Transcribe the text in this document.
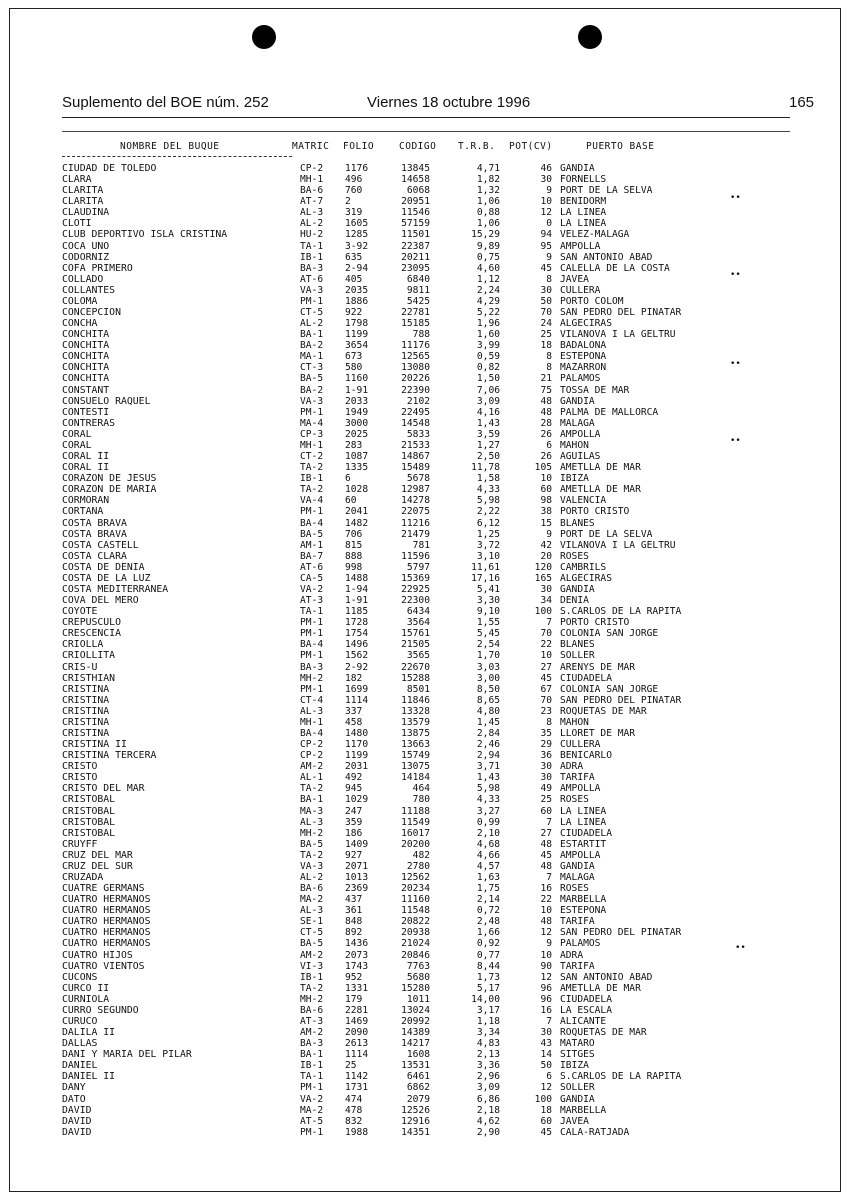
Suplemento del BOE núm. 252	Viernes 18 octubre 1996	165
NOMBRE DEL BUQUE	MATRIC FOLIO	CODIGO T.R.B. POT(CV)	PUERTO BASE
CIUDAD DE TOLEDO	CP-2 1176	13845	4,71	46 GANDIA
CLARA	MH-1 496	14658	1,82	30 FORNELLS
CLARITA	BA-6 760	6068	1,32	9 PORT DE LA SELVA
CLARITA	AT-7 2	20951	1,06	10 BENIDORM
CLAUDINA	AL-3 319	11546	0,88	12 LA LINEA
CLOTI	AL-2 1605	57159	1,06	0 LA LINEA
CLUB DEPORTIVO ISLA CRISTINA	HU-2 1285	11501	15,29	94 VELEZ-MALAGA
COCA UNO	TA-1 3-92	22387	9,89	95 AMPOLLA
CODORNIZ	IB-1 635	20211	0,75	9 SAN ANTONIO ABAD
COFA PRIMERO	BA-3 2-94	23095	4,60	45 CALELLA DE LA COSTA
COLLADO	AT-6 405	6840	1,12	8 JAVEA
COLLANTES	VA-3 2035	9811	2,24	30 CULLERA
COLOMA	PM-1 1886	5425	4,29	50 PORTO COLOM
CONCEPCION	CT-5 922	22781	5,22	70 SAN PEDRO DEL PINATAR
CONCHA	AL-2 1798	15185	1,96	24 ALGECIRAS
CONCHITA	BA-1 1199	788	1,60	25 VILANOVA I LA GELTRU
CONCHITA	BA-2 3654	11176	3,99	18 BADALONA
CONCHITA	MA-1 673	12565	0,59	8 ESTEPONA
CONCHITA	CT-3 580	13080	0,82	8 MAZARRON
CONCHITA	BA-5 1160	20226	1,50	21 PALAMOS
CONSTANT	BA-2 1-91	22390	7,06	75 TOSSA DE MAR
CONSUELO RAQUEL	VA-3 2033	2102	3,09	48 GANDIA
CONTESTI	PM-1 1949	22495	4,16	48 PALMA DE MALLORCA
CONTRERAS	MA-4 3000	14548	1,43	28 MALAGA
CORAL	CP-3 2025	5833	3,59	26 AMPOLLA
CORAL	MH-1 283	21533	1,27	6 MAHON
CORAL II	CT-2 1087	14867	2,50	26 AGUILAS
CORAL II	TA-2 1335	15489	11,78	105 AMETLLA DE MAR
CORAZON DE JESUS	IB-1 6	5678	1,58	10 IBIZA
CORAZON DE MARIA	TA-2 1028	12987	4,33	60 AMETLLA DE MAR
CORMORAN	VA-4 60	14278	5,98	98 VALENCIA
CORTANA	PM-1 2041	22075	2,22	38 PORTO CRISTO
COSTA BRAVA	BA-4 1482	11216	6,12	15 BLANES
COSTA BRAVA	BA-5 706	21479	1,25	9 PORT DE LA SELVA
COSTA CASTELL	AM-1 815	781	3,72	42 VILANOVA I LA GELTRU
COSTA CLARA	BA-7 888	11596	3,10	20 ROSES
COSTA DE DENIA	AT-6 998	5797	11,61	120 CAMBRILS
COSTA DE LA LUZ	CA-5 1488	15369	17,16	165 ALGECIRAS
COSTA MEDITERRANEA	VA-2 1-94	22925	5,41	30 GANDIA
COVA DEL MERO	AT-3 1-91	22300	3,30	34 DENIA
COYOTE	TA-1 1185	6434	9,10	100 S.CARLOS DE LA RAPITA
CREPUSCULO	PM-1 1728	3564	1,55	7 PORTO CRISTO
CRESCENCIA	PM-1 1754	15761	5,45	70 COLONIA SAN JORGE
CRIOLLA	BA-4 1496	21505	2,54	22 BLANES
CRIOLLITA	PM-1 1562	3565	1,70	10 SOLLER
CRIS-U	BA-3 2-92	22670	3,03	27 ARENYS DE MAR
CRISTHIAN	MH-2 182	15288	3,00	45 CIUDADELA
CRISTINA	PM-1 1699	8501	8,50	67 COLONIA SAN JORGE
CRISTINA	CT-4 1114	11846	8,65	70 SAN PEDRO DEL PINATAR
CRISTINA	AL-3 337	13328	4,80	23 ROQUETAS DE MAR
CRISTINA	MH-1 458	13579	1,45	8 MAHON
CRISTINA	BA-4 1480	13875	2,84	35 LLORET DE MAR
CRISTINA II	CP-2 1170	13663	2,46	29 CULLERA
CRISTINA TERCERA	CP-2 1199	15749	2,94	36 BENICARLO
CRISTO	AM-2 2031	13075	3,71	30 ADRA
CRISTO	AL-1 492	14184	1,43	30 TARIFA
CRISTO DEL MAR	TA-2 945	464	5,98	49 AMPOLLA
CRISTOBAL	BA-1 1029	780	4,33	25 ROSES
CRISTOBAL	MA-3 247	11188	3,27	60 LA LINEA
CRISTOBAL	AL-3 359	11549	0,99	7 LA LINEA
CRISTOBAL	MH-2 186	16017	2,10	27 CIUDADELA
CRUYFF	BA-5 1409	20200	4,68	48 ESTARTIT
CRUZ DEL MAR	TA-2 927	482	4,66	45 AMPOLLA
CRUZ DEL SUR	VA-3 2071	2780	4,57	48 GANDIA
CRUZADA	AL-2 1013	12562	1,63	7 MALAGA
CUATRE GERMANS	BA-6 2369	20234	1,75	16 ROSES
CUATRO HERMANOS	MA-2 437	11160	2,14	22 MARBELLA
CUATRO HERMANOS	AL-3 361	11548	0,72	10 ESTEPONA
CUATRO HERMANOS	SE-1 848	20822	2,48	48 TARIFA
CUATRO HERMANOS	CT-5 892	20938	1,66	12 SAN PEDRO DEL PINATAR
CUATRO HERMANOS	BA-5 1436	21024	0,92	9 PALAMOS
CUATRO HIJOS	AM-2 2073	20846	0,77	10 ADRA
CUATRO VIENTOS	VI-3 1743	7763	8,44	90 TARIFA
CUCONS	IB-1 952	5680	1,73	12 SAN ANTONIO ABAD
CURCO II	TA-2 1331	15280	5,17	96 AMETLLA DE MAR
CURNIOLA	MH-2 179	1011	14,00	96 CIUDADELA
CURRO SEGUNDO	BA-6 2281	13024	3,17	16 LA ESCALA
CURUCO	AT-3 1469	20992	1,18	7 ALICANTE
DALILA II	AM-2 2090	14389	3,34	30 ROQUETAS DE MAR
DALLAS	BA-3 2613	14217	4,83	43 MATARO
DANI Y MARIA DEL PILAR	BA-1 1114	1608	2,13	14 SITGES
DANIEL	IB-1 25	13531	3,36	50 IBIZA
DANIEL II	TA-1 1142	6461	2,96	6 S.CARLOS DE LA RAPITA
DANY	PM-1 1731	6862	3,09	12 SOLLER
DATO	VA-2 474	2079	6,86	100 GANDIA
DAVID	MA-2 478	12526	2,18	18 MARBELLA
DAVID	AT-5 832	12916	4,62	60 JAVEA
DAVID	PM-1 1988	14351	2,90	45 CALA-RATJADA
••
••
••
••
••
